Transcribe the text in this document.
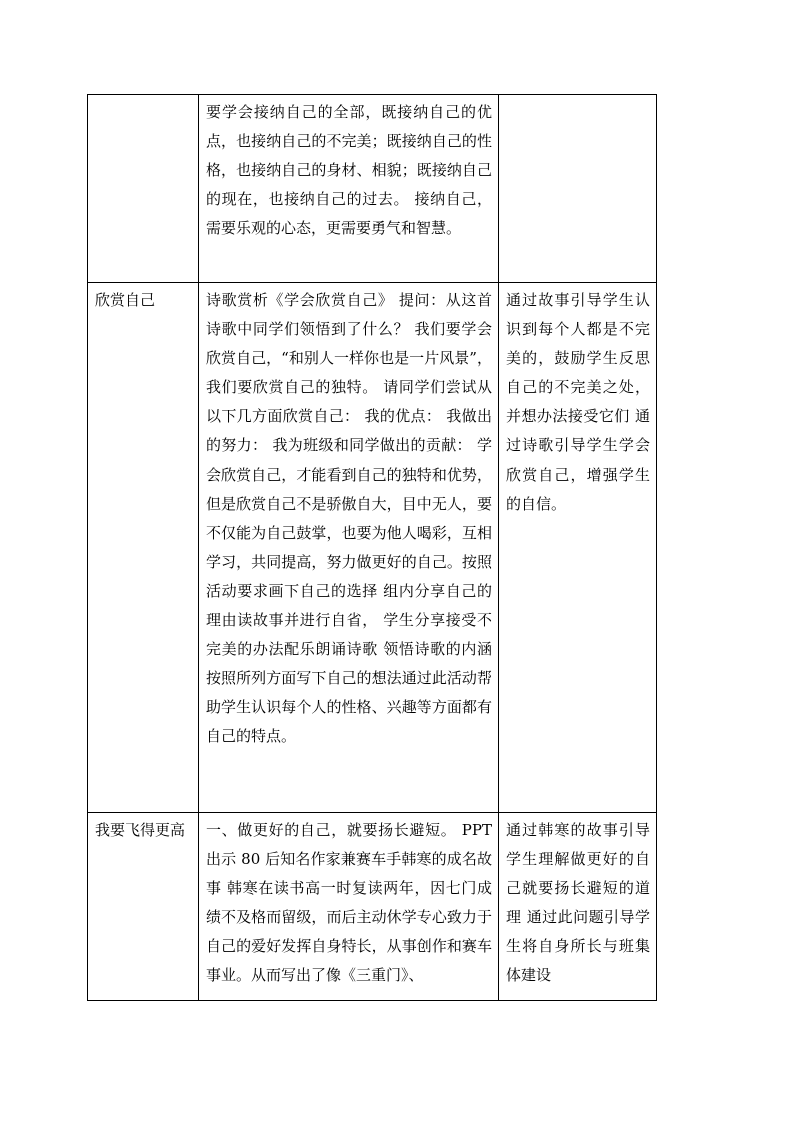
	要学会接纳自己的全部，既接纳自己的优点，也接纳自己的不完美；既接纳自己的性格，也接纳自己的身材、相貌；既接纳自己的现在，也接纳自己的过去。 接纳自己，需要乐观的心态，更需要勇气和智慧。	

欣赏自己	诗歌赏析《学会欣赏自己》 提问：从这首诗歌中同学们领悟到了什么？ 我们要学会欣赏自己，“和别人一样你也是一片风景”，我们要欣赏自己的独特。 请同学们尝试从以下几方面欣赏自己： 我的优点： 我做出的努力： 我为班级和同学做出的贡献： 学会欣赏自己，才能看到自己的独特和优势，但是欣赏自己不是骄傲自大，目中无人，要不仅能为自己鼓掌，也要为他人喝彩，互相学习，共同提高，努力做更好的自己。按照活动要求画下自己的选择 组内分享自己的理由读故事并进行自省， 学生分享接受不完美的办法配乐朗诵诗歌 领悟诗歌的内涵 按照所列方面写下自己的想法通过此活动帮助学生认识每个人的性格、兴趣等方面都有自己的特点。	通过故事引导学生认识到每个人都是不完美的，鼓励学生反思自己的不完美之处，并想办法接受它们 通过诗歌引导学生学会欣赏自己，增强学生的自信。

我要飞得更高	一、做更好的自己，就要扬长避短。 PPT出示 80 后知名作家兼赛车手韩寒的成名故事 韩寒在读书高一时复读两年，因七门成绩不及格而留级，而后主动休学专心致力于自己的爱好发挥自身特长，从事创作和赛车事业。从而写出了像《三重门》、	通过韩寒的故事引导学生理解做更好的自己就要扬长避短的道理 通过此问题引导学生将自身所长与班集体建设
